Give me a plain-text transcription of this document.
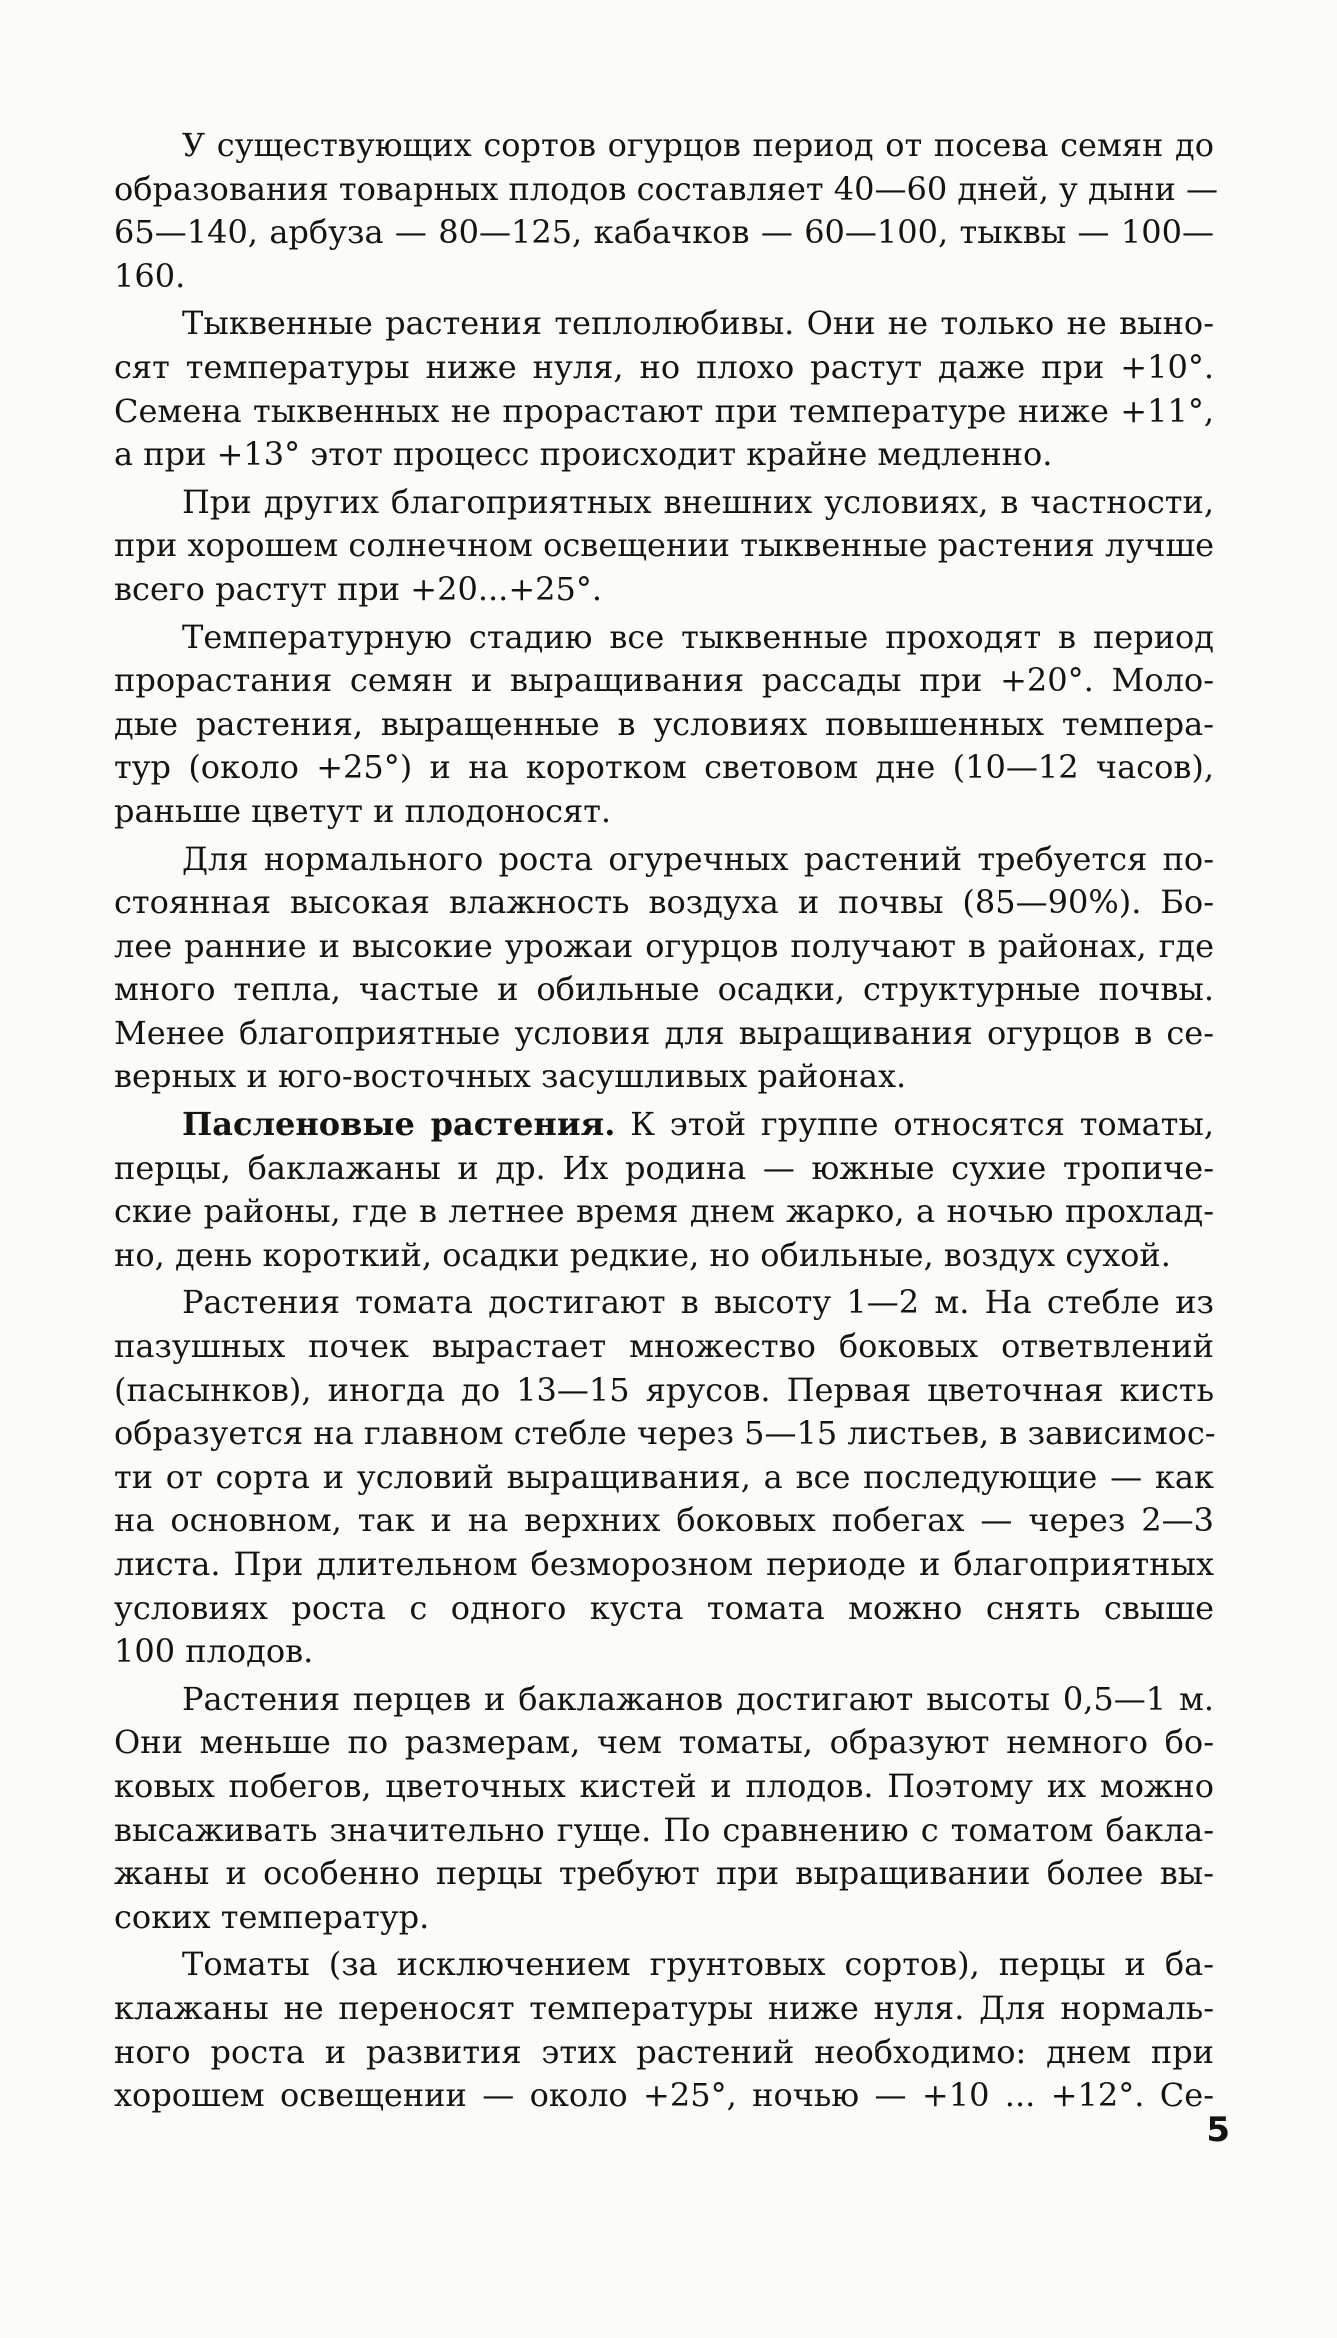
У существующих сортов огурцов период от посева семян до
образования товарных плодов составляет 40—60 дней, у дыни —
65—140, арбуза — 80—125, кабачков — 60—100, тыквы — 100—
160.
Тыквенные растения теплолюбивы. Они не только не выно-
сят температуры ниже нуля, но плохо растут даже при +10°.
Семена тыквенных не прорастают при температуре ниже +11°,
а при +13° этот процесс происходит крайне медленно.
При других благоприятных внешних условиях, в частности,
при хорошем солнечном освещении тыквенные растения лучше
всего растут при +20...+25°.
Температурную стадию все тыквенные проходят в период
прорастания семян и выращивания рассады при +20°. Моло-
дые растения, выращенные в условиях повышенных темпера-
тур (около +25°) и на коротком световом дне (10—12 часов),
раньше цветут и плодоносят.
Для нормального роста огуречных растений требуется по-
стоянная высокая влажность воздуха и почвы (85—90%). Бо-
лее ранние и высокие урожаи огурцов получают в районах, где
много тепла, частые и обильные осадки, структурные почвы.
Менее благоприятные условия для выращивания огурцов в се-
верных и юго-восточных засушливых районах.
Пасленовые растения. К этой группе относятся томаты,
перцы, баклажаны и др. Их родина — южные сухие тропиче-
ские районы, где в летнее время днем жарко, а ночью прохлад-
но, день короткий, осадки редкие, но обильные, воздух сухой.
Растения томата достигают в высоту 1—2 м. На стебле из
пазушных почек вырастает множество боковых ответвлений
(пасынков), иногда до 13—15 ярусов. Первая цветочная кисть
образуется на главном стебле через 5—15 листьев, в зависимос-
ти от сорта и условий выращивания, а все последующие — как
на основном, так и на верхних боковых побегах — через 2—3
листа. При длительном безморозном периоде и благоприятных
условиях роста с одного куста томата можно снять свыше
100 плодов.
Растения перцев и баклажанов достигают высоты 0,5—1 м.
Они меньше по размерам, чем томаты, образуют немного бо-
ковых побегов, цветочных кистей и плодов. Поэтому их можно
высаживать значительно гуще. По сравнению с томатом бакла-
жаны и особенно перцы требуют при выращивании более вы-
соких температур.
Томаты (за исключением грунтовых сортов), перцы и ба-
клажаны не переносят температуры ниже нуля. Для нормаль-
ного роста и развития этих растений необходимо: днем при
хорошем освещении — около +25°, ночью — +10 ... +12°. Се-
5
